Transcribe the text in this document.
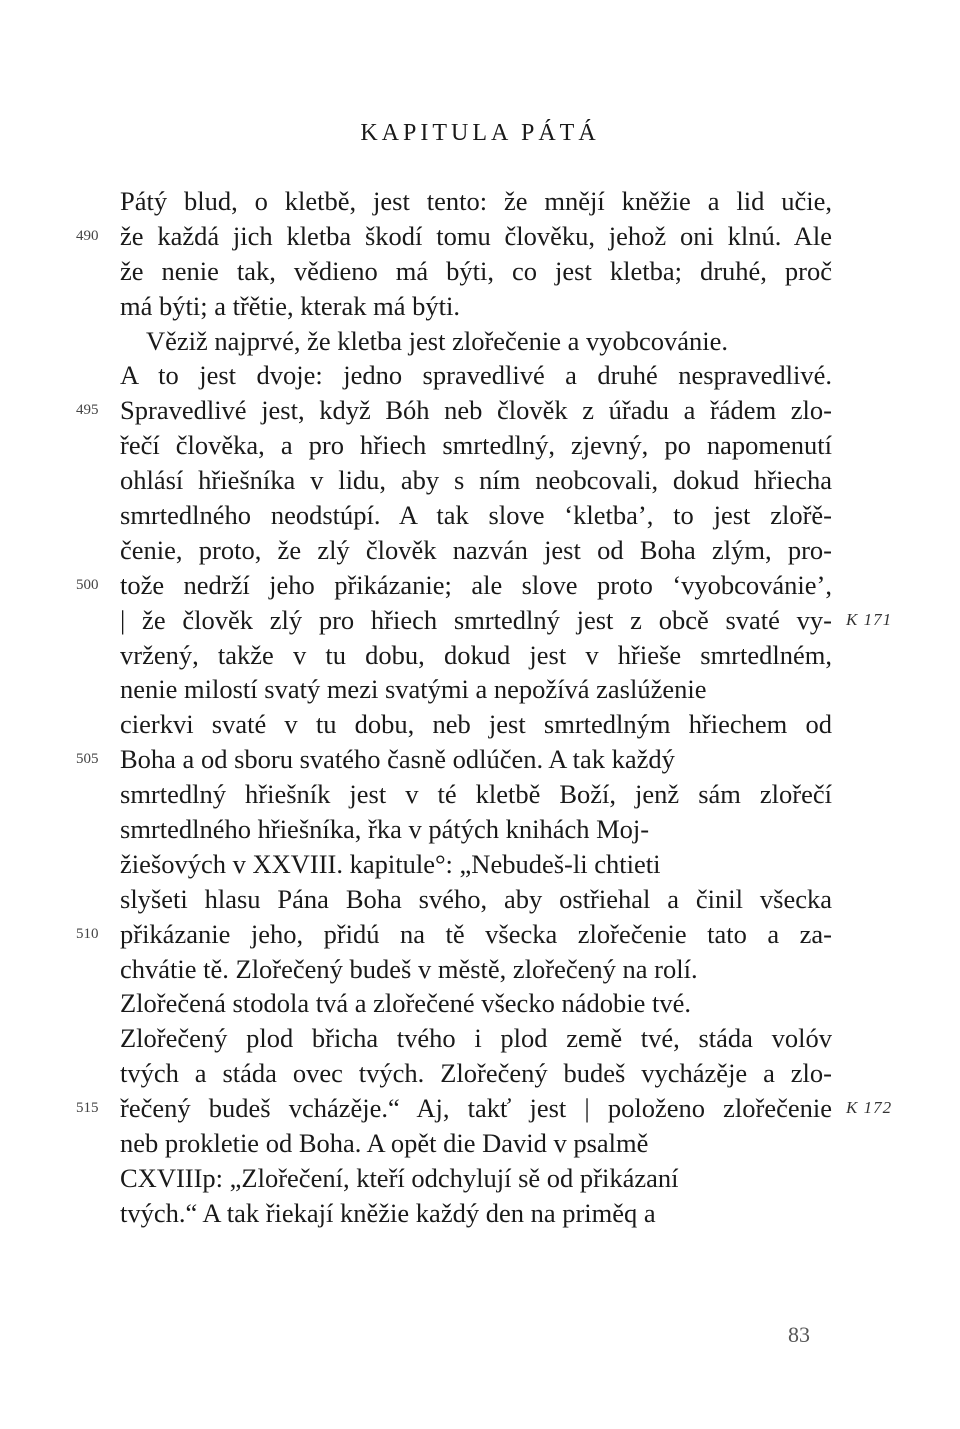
KAPITULA PÁTÁ
Pátý blud, o kletbě, jest tento: že mnějí kněžie a lid učie,
490 že každá jich kletba škodí tomu člověku, jehož oni klnú. Ale
že nenie tak, vědieno má býti, co jest kletba; druhé, proč
má býti; a třětie, kterak má býti.
Věziž najprvé, že kletba jest zlořečenie a vyobcovánie.
A to jest dvoje: jedno spravedlivé a druhé nespravedlivé.
495 Spravedlivé jest, když Bóh neb člověk z úřadu a řádem zlo-
řečí člověka, a pro hřiech smrtedlný, zjevný, po napomenutí
ohlásí hřiešníka v lidu, aby s ním neobcovali, dokud hřiecha
smrtedlného neodstúpí. A tak slove ‘kletba’, to jest zlořě-
čenie, proto, že zlý člověk nazván jest od Boha zlým, pro-
500 tože nedrží jeho přikázanie; ale slove proto ‘vyobcovánie’,
| že člověk zlý pro hřiech smrtedlný jest z obcě svaté vy- K 171
vržený, takže v tu dobu, dokud jest v hřieše smrtedlném,
nenie milostí svatý mezi svatými a nepožívá zaslúženie
cierkvi svaté v tu dobu, neb jest smrtedlným hřiechem od
505 Boha a od sboru svatého časně odlúčen. A tak každý
smrtedlný hřiešník jest v té kletbě Boží, jenž sám zlořečí
smrtedlného hřiešníka, řka v pátých knihách Moj-
žiešových v XXVIII. kapitule°: „Nebudeš-li chtieti
slyšeti hlasu Pána Boha svého, aby ostřiehal a činil všecka
510 přikázanie jeho, přidú na tě všecka zlořečenie tato a za-
chvátie tě. Zlořečený budeš v městě, zlořečený na rolí.
Zlořečená stodola tvá a zlořečené všecko nádobie tvé.
Zlořečený plod břicha tvého i plod země tvé, stáda volóv
tvých a stáda ovec tvých. Zlořečený budeš vycházěje a zlo-
515 řečený budeš vcházěje.“ Aj, takť jest | položeno zlořečenie K 172
neb prokletie od Boha. A opět die David v psalmě
CXVIIIp: „Zlořečení, kteří odchylují sě od přikázaní
tvých.“ A tak řiekají kněžie každý den na priměq a
83
